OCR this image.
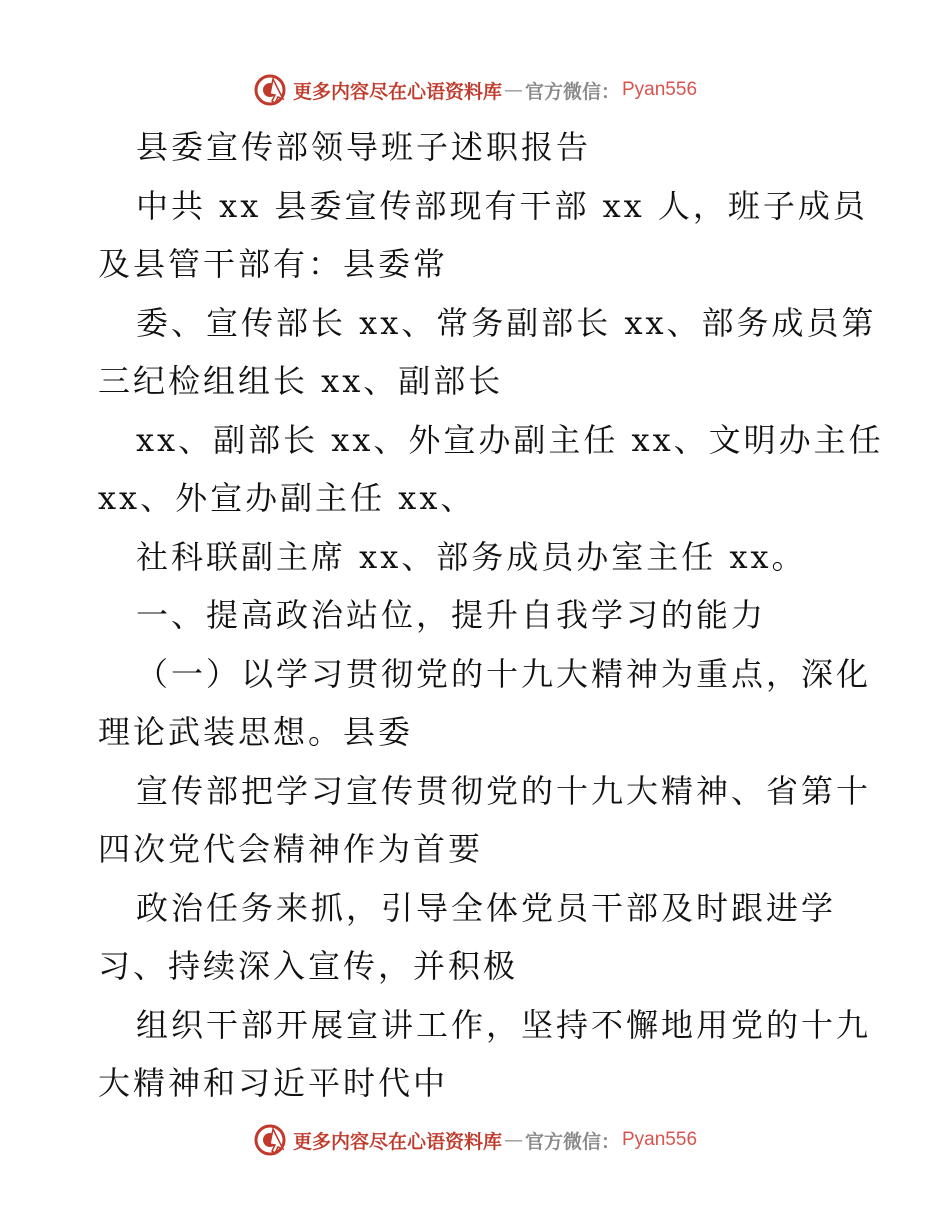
更多内容尽在心语资料库 — 官方微信： Pyan556
县委宣传部领导班子述职报告
中共 xx 县委宣传部现有干部 xx 人，班子成员
及县管干部有：县委常
委、宣传部长 xx、常务副部长 xx、部务成员第
三纪检组组长 xx、副部长
xx、副部长 xx、外宣办副主任 xx、文明办主任
xx、外宣办副主任 xx、
社科联副主席 xx、部务成员办室主任 xx。
一、提高政治站位，提升自我学习的能力
（一）以学习贯彻党的十九大精神为重点，深化
理论武装思想。县委
宣传部把学习宣传贯彻党的十九大精神、省第十
四次党代会精神作为首要
政治任务来抓，引导全体党员干部及时跟进学
习、持续深入宣传，并积极
组织干部开展宣讲工作，坚持不懈地用党的十九
大精神和习近平时代中
更多内容尽在心语资料库 — 官方微信： Pyan556
